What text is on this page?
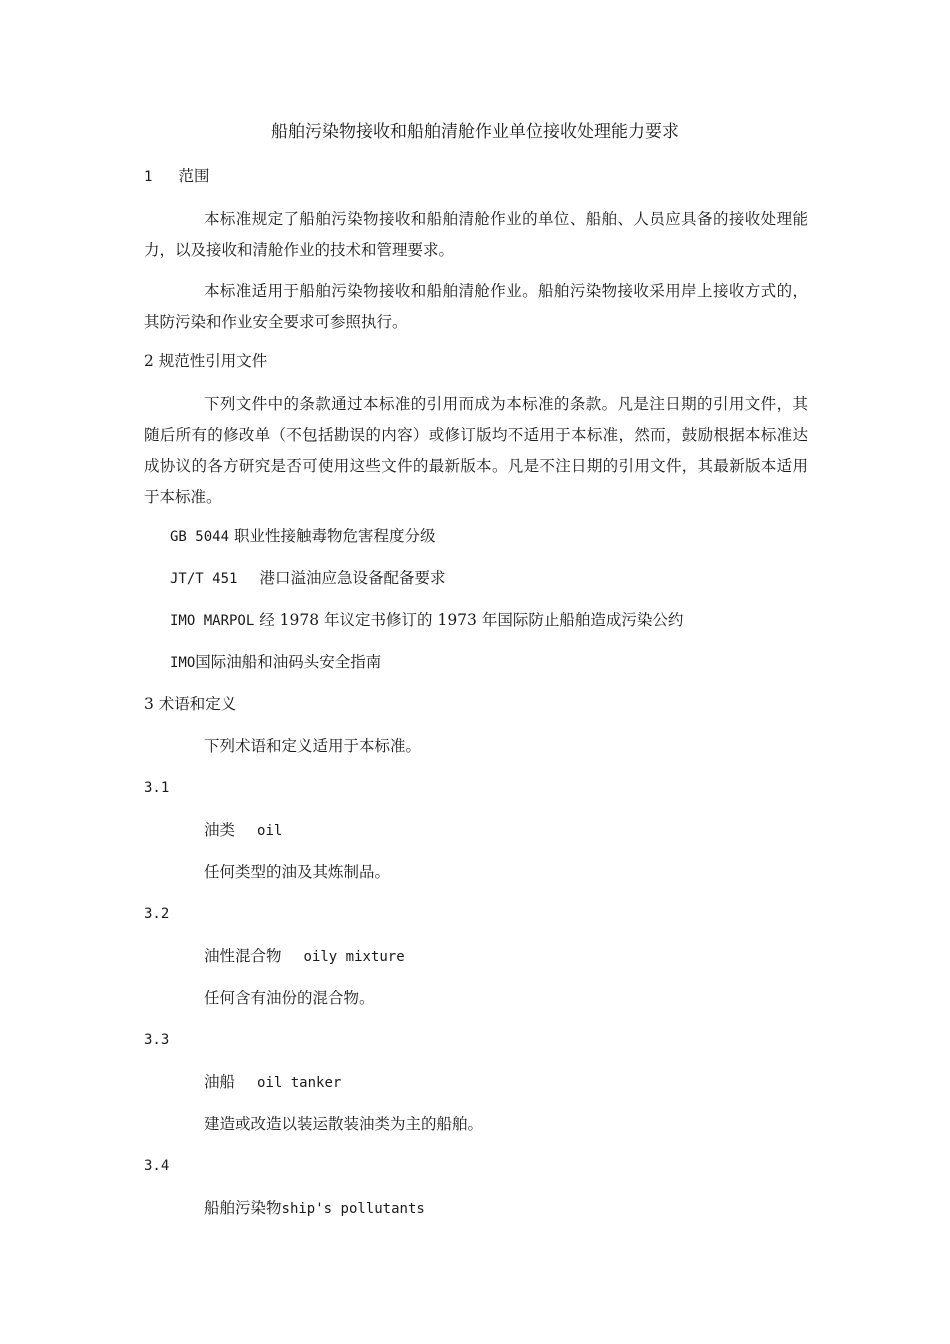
船舶污染物接收和船舶清舱作业单位接收处理能力要求
1 范围
本标准规定了船舶污染物接收和船舶清舱作业的单位、船舶、人员应具备的接收处理能力，以及接收和清舱作业的技术和管理要求。
本标准适用于船舶污染物接收和船舶清舱作业。船舶污染物接收采用岸上接收方式的，其防污染和作业安全要求可参照执行。
2 规范性引用文件
下列文件中的条款通过本标准的引用而成为本标准的条款。凡是注日期的引用文件，其随后所有的修改单（不包括勘误的内容）或修订版均不适用于本标准，然而，鼓励根据本标准达成协议的各方研究是否可使用这些文件的最新版本。凡是不注日期的引用文件，其最新版本适用于本标准。
GB 5044 职业性接触毒物危害程度分级
JT/T 451 港口溢油应急设备配备要求
IMO MARPOL 经 1978 年议定书修订的 1973 年国际防止船舶造成污染公约
IMO国际油船和油码头安全指南
3 术语和定义
下列术语和定义适用于本标准。
3.1
油类 oil
任何类型的油及其炼制品。
3.2
油性混合物 oily mixture
任何含有油份的混合物。
3.3
油船 oil tanker
建造或改造以装运散装油类为主的船舶。
3.4
船舶污染物ship's pollutants
